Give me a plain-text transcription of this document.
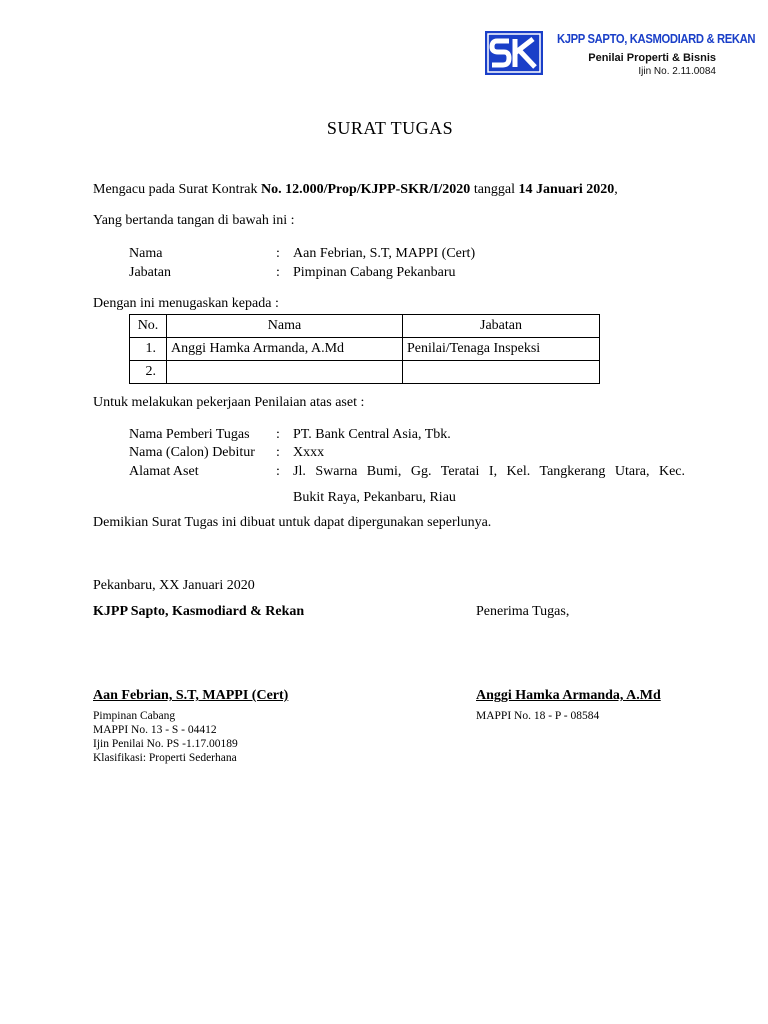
KJPP SAPTO, KASMODIARD & REKAN
Penilai Properti & Bisnis
Ijin No. 2.11.0084
SURAT TUGAS
Mengacu pada Surat Kontrak No. 12.000/Prop/KJPP-SKR/I/2020 tanggal 14 Januari 2020,
Yang bertanda tangan di bawah ini :
Nama	: Aan Febrian, S.T, MAPPI (Cert)
Jabatan	: Pimpinan Cabang Pekanbaru
Dengan ini menugaskan kepada :
No.	Nama	Jabatan
1.	Anggi Hamka Armanda, A.Md	Penilai/Tenaga Inspeksi
2.		
Untuk melakukan pekerjaan Penilaian atas aset :
Nama Pemberi Tugas : PT. Bank Central Asia, Tbk.
Nama (Calon) Debitur : Xxxx
Alamat Aset	: Jl. Swarna Bumi, Gg. Teratai I, Kel. Tangkerang Utara, Kec.
Bukit Raya, Pekanbaru, Riau
Demikian Surat Tugas ini dibuat untuk dapat dipergunakan seperlunya.
Pekanbaru, XX Januari 2020
KJPP Sapto, Kasmodiard & Rekan	Penerima Tugas,
Aan Febrian, S.T, MAPPI (Cert)
Pimpinan Cabang
MAPPI No. 13 - S - 04412
Ijin Penilai No. PS -1.17.00189
Klasifikasi: Properti Sederhana
Anggi Hamka Armanda, A.Md
MAPPI No. 18 - P - 08584
